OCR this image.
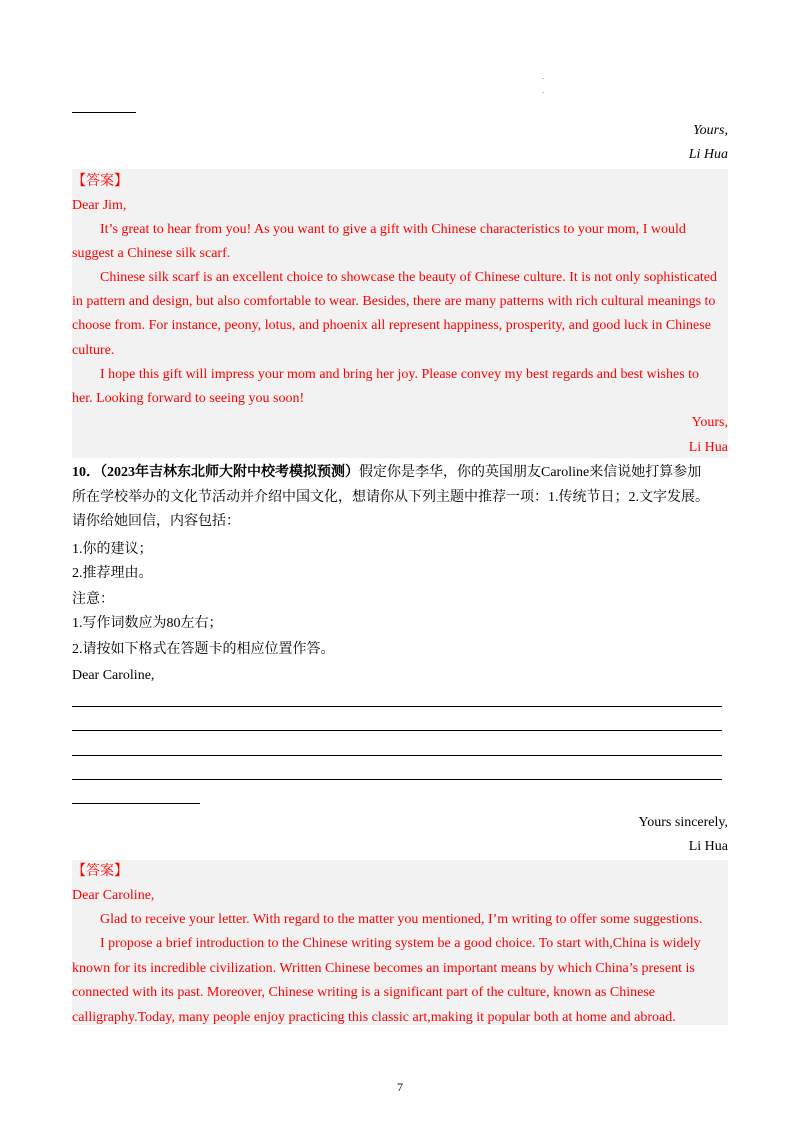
.
.
Yours,
Li Hua
【答案】
Dear Jim,
It’s great to hear from you! As you want to give a gift with Chinese characteristics to your mom, I would
suggest a Chinese silk scarf.
Chinese silk scarf is an excellent choice to showcase the beauty of Chinese culture. It is not only sophisticated
in pattern and design, but also comfortable to wear. Besides, there are many patterns with rich cultural meanings to
choose from. For instance, peony, lotus, and phoenix all represent happiness, prosperity, and good luck in Chinese
culture.
I hope this gift will impress your mom and bring her joy. Please convey my best regards and best wishes to
her. Looking forward to seeing you soon!
Yours,
Li Hua
10．（2023年吉林东北师大附中校考模拟预测）假定你是李华，你的英国朋友Caroline来信说她打算参加
所在学校举办的文化节活动并介绍中国文化，想请你从下列主题中推荐一项：1.传统节日；2.文字发展。
请你给她回信，内容包括：
1.你的建议；
2.推荐理由。
注意：
1.写作词数应为80左右；
2.请按如下格式在答题卡的相应位置作答。
Dear Caroline,
Yours sincerely,
Li Hua
【答案】
Dear Caroline,
Glad to receive your letter. With regard to the matter you mentioned, I’m writing to offer some suggestions.
I propose a brief introduction to the Chinese writing system be a good choice. To start with,China is widely
known for its incredible civilization. Written Chinese becomes an important means by which China’s present is
connected with its past. Moreover, Chinese writing is a significant part of the culture, known as Chinese
calligraphy.Today, many people enjoy practicing this classic art,making it popular both at home and abroad.
7
